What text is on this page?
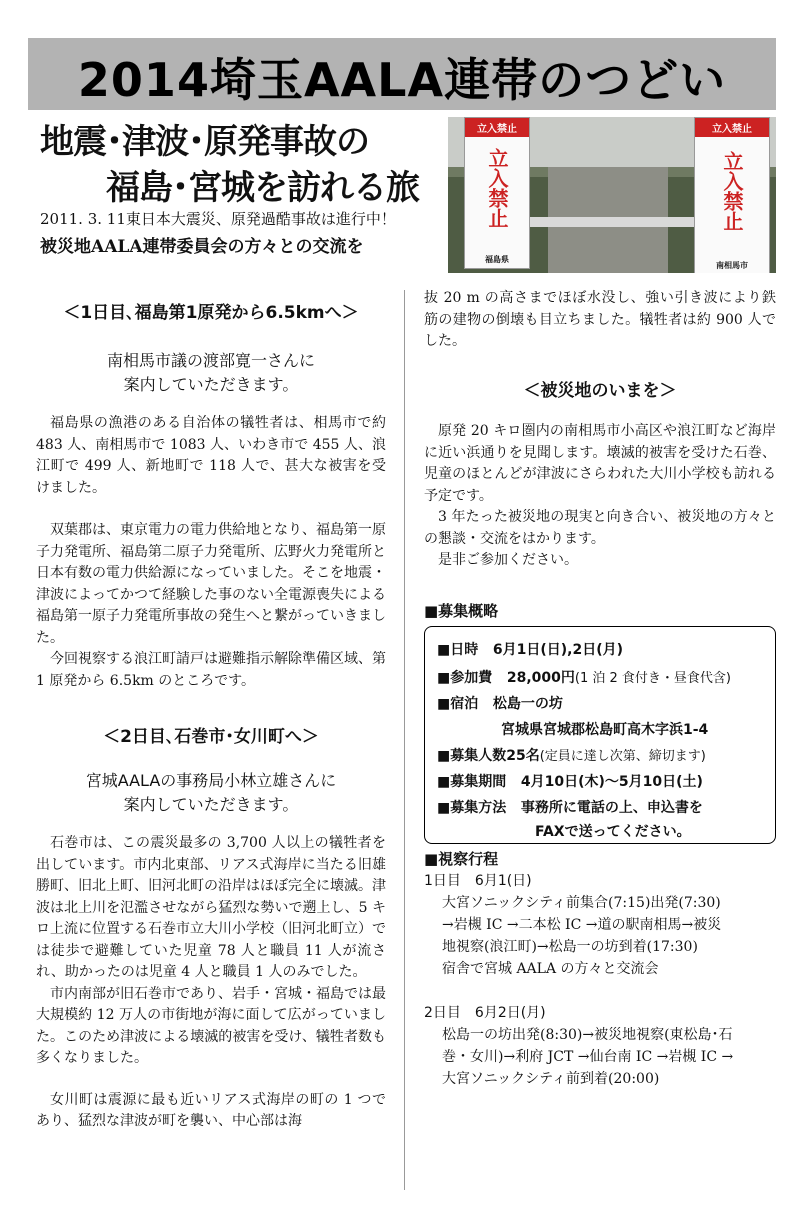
2014埼玉AALA連帯のつどい
地震･津波･原発事故の
福島･宮城を訪れる旅
2011. 3. 11東日本大震災、原発過酷事故は進行中！
被災地AALA連帯委員会の方々との交流を
立入禁止
立入禁止
福島県
立入禁止
立入禁止
南相馬市
＜1日目､福島第1原発から6.5kmへ＞
南相馬市議の渡部寛一さんに
案内していただきます。

福島県の漁港のある自治体の犠牲者は、相馬市で約 483 人、南相馬市で 1083 人、いわき市で 455 人、浪江町で 499 人、新地町で 118 人で、甚大な被害を受けました。

双葉郡は、東京電力の電力供給地となり、福島第一原子力発電所、福島第二原子力発電所、広野火力発電所と日本有数の電力供給源になっていました。そこを地震・津波によってかつて経験した事のない全電源喪失による福島第一原子力発電所事故の発生へと繋がっていきました。

今回視察する浪江町請戸は避難指示解除準備区域、第 1 原発から 6.5km のところです。

＜2日目､石巻市･女川町へ＞
宮城AALAの事務局小林立雄さんに
案内していただきます。

石巻市は、この震災最多の 3,700 人以上の犠牲者を出しています。市内北東部、リアス式海岸に当たる旧雄勝町、旧北上町、旧河北町の沿岸はほぼ完全に壊滅。津波は北上川を氾濫させながら猛烈な勢いで遡上し、5 キロ上流に位置する石巻市立大川小学校（旧河北町立）では徒歩で避難していた児童 78 人と職員 11 人が流され、助かったのは児童 4 人と職員 1 人のみでした。

市内南部が旧石巻市であり、岩手・宮城・福島では最大規模約 12 万人の市街地が海に面して広がっていました。このため津波による壊滅的被害を受け、犠牲者数も多くなりました。

女川町は震源に最も近いリアス式海岸の町の 1 つであり、猛烈な津波が町を襲い、中心部は海

抜 20 m の高さまでほぼ水没し、強い引き波により鉄筋の建物の倒壊も目立ちました。犠牲者は約 900 人でした。

＜被災地のいまを＞

原発 20 キロ圏内の南相馬市小高区や浪江町など海岸に近い浜通りを見聞します。壊滅的被害を受けた石巻、児童のほとんどが津波にさらわれた大川小学校も訪れる予定です。

3 年たった被災地の現実と向き合い、被災地の方々との懇談・交流をはかります。

是非ご参加ください。

■募集概略
■日時 6月1日(日),2日(月)
■参加費 28,000円(1 泊 2 食付き・昼食代含)
■宿泊 松島一の坊
宮城県宮城郡松島町高木字浜1-4
■募集人数25名(定員に達し次第、締切ます)
■募集期間 4月10日(木)～5月10日(土)
■募集方法 事務所に電話の上、申込書を
FAXで送ってください。
■視察行程
1日目　6月1(日)
大宮ソニックシティ前集合(7:15)出発(7:30)
→岩槻 IC →二本松 IC →道の駅南相馬→被災
地視察(浪江町)→松島一の坊到着(17:30)
宿舎で宮城 AALA の方々と交流会
2日目　6月2日(月)
松島一の坊出発(8:30)→被災地視察(東松島･石
巻・女川)→利府 JCT →仙台南 IC →岩槻 IC →
大宮ソニックシティ前到着(20:00)
